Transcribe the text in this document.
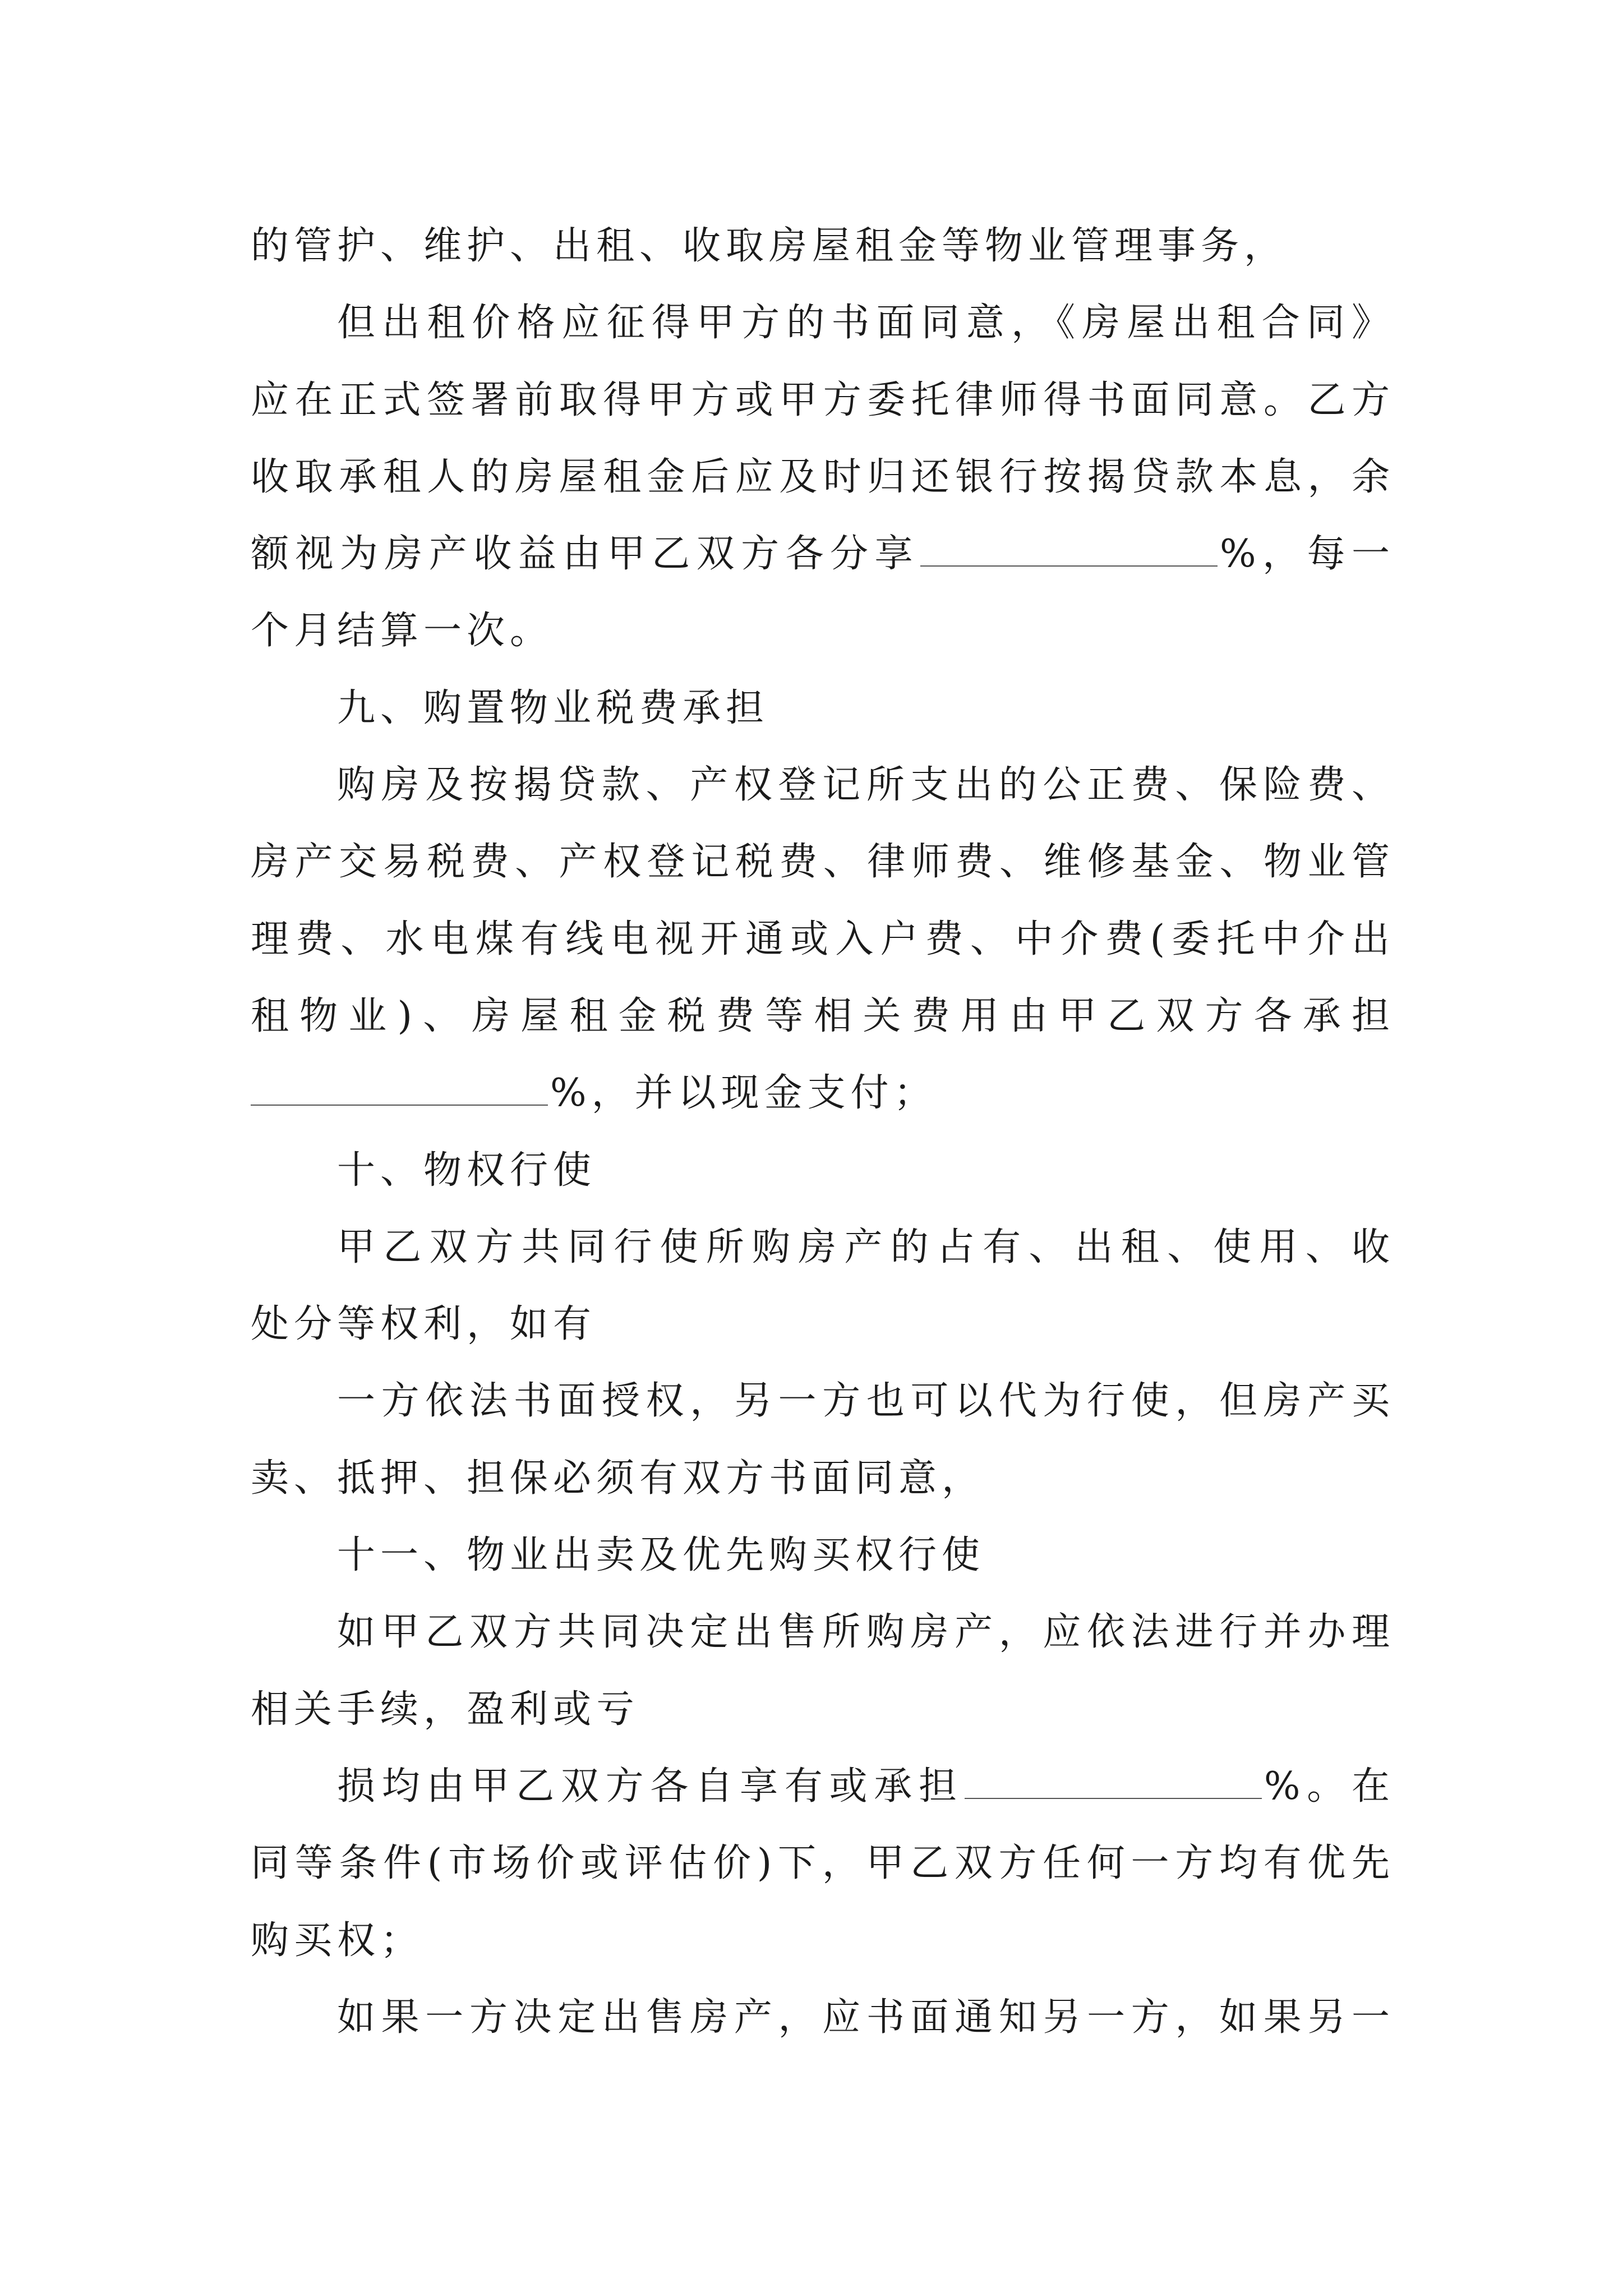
的管护、维护、出租、收取房屋租金等物业管理事务，
但出租价格应征得甲方的书面同意，《房屋出租合同》
应在正式签署前取得甲方或甲方委托律师得书面同意。乙方
收取承租人的房屋租金后应及时归还银行按揭贷款本息，余
额视为房产收益由甲乙双方各分享	%，每一
个月结算一次。
九、购置物业税费承担
购房及按揭贷款、产权登记所支出的公正费、保险费、
房产交易税费、产权登记税费、律师费、维修基金、物业管
理费、水电煤有线电视开通或入户费、中介费(委托中介出
租物业)、房屋租金税费等相关费用由甲乙双方各承担
%，并以现金支付；
十、物权行使
甲乙双方共同行使所购房产的占有、出租、使用、收
处分等权利，如有
一方依法书面授权，另一方也可以代为行使，但房产买
卖、抵押、担保必须有双方书面同意，
十一、物业出卖及优先购买权行使
如甲乙双方共同决定出售所购房产，应依法进行并办理
相关手续，盈利或亏
损均由甲乙双方各自享有或承担	%。在
同等条件(市场价或评估价)下，甲乙双方任何一方均有优先
购买权；
如果一方决定出售房产，应书面通知另一方，如果另一
